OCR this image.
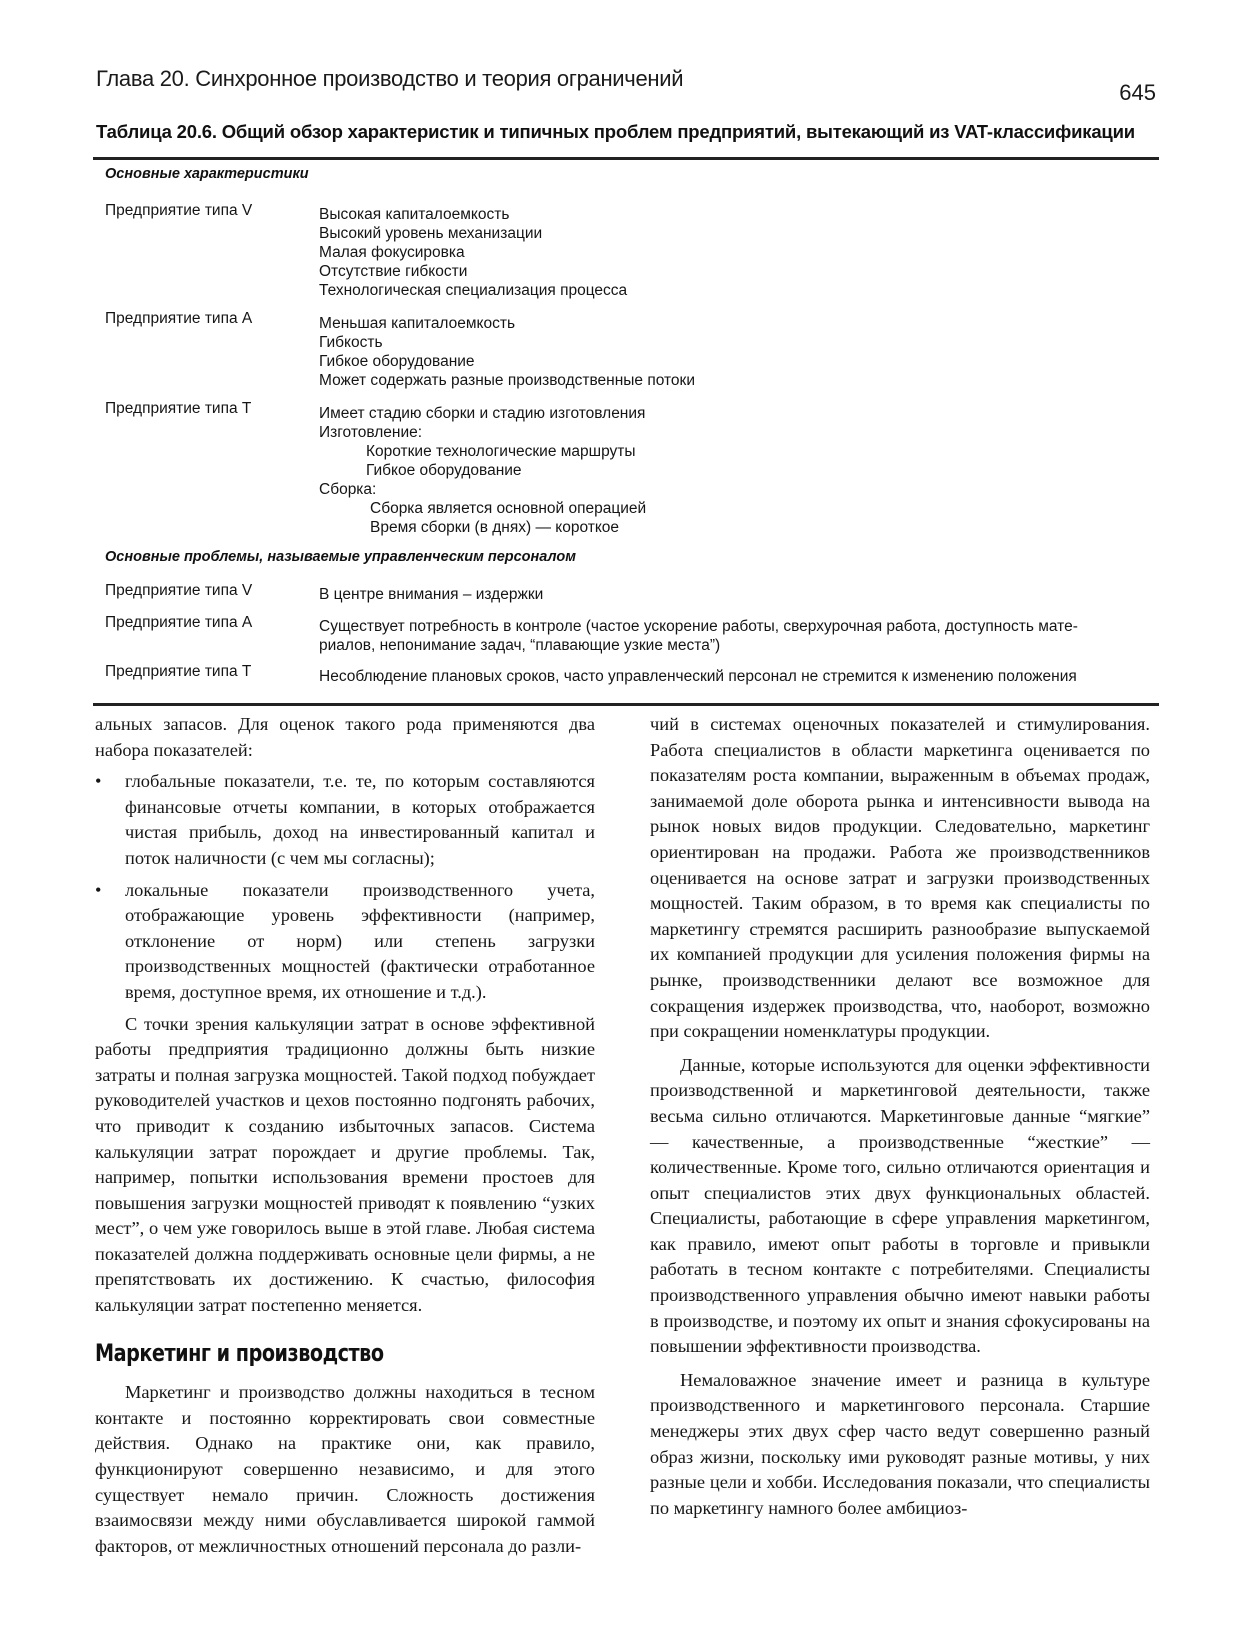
Глава 20. Синхронное производство и теория ограничений
645
Таблица 20.6. Общий обзор характеристик и типичных проблем предприятий, вытекающий из VAT-классификации
Основные характеристики
Предприятие типа V	Высокая капиталоемкость
Высокий уровень механизации
Малая фокусировка
Отсутствие гибкости
Технологическая специализация процесса
Предприятие типа А	Меньшая капиталоемкость
Гибкость
Гибкое оборудование
Может содержать разные производственные потоки
Предприятие типа Т	Имеет стадию сборки и стадию изготовления
Изготовление:
Короткие технологические маршруты
Гибкое оборудование
Сборка:
Сборка является основной операцией
Время сборки (в днях) — короткое
Основные проблемы, называемые управленческим персоналом
Предприятие типа V	В центре внимания – издержки
Предприятие типа А	Существует потребность в контроле (частое ускорение работы, сверхурочная работа, доступность мате-риалов, непонимание задач, “плавающие узкие места”)
Предприятие типа Т	Несоблюдение плановых сроков, часто управленческий персонал не стремится к изменению положения

альных запасов. Для оценок такого рода применяются два набора показателей:

• глобальные показатели, т.е. те, по которым составляются финансовые отчеты компании, в которых отображается чистая прибыль, доход на инвестированный капитал и поток наличности (с чем мы согласны);
• локальные показатели производственного учета, отображающие уровень эффективности (например, отклонение от норм) или степень загрузки производственных мощностей (фактически отработанное время, доступное время, их отношение и т.д.).

С точки зрения калькуляции затрат в основе эффективной работы предприятия традиционно должны быть низкие затраты и полная загрузка мощностей. Такой подход побуждает руководителей участков и цехов постоянно подгонять рабочих, что приводит к созданию избыточных запасов. Система калькуляции затрат порождает и другие проблемы. Так, например, попытки использования времени простоев для повышения загрузки мощностей приводят к появлению “узких мест”, о чем уже говорилось выше в этой главе. Любая система показателей должна поддерживать основные цели фирмы, а не препятствовать их достижению. К счастью, философия калькуляции затрат постепенно меняется.

Маркетинг и производство

Маркетинг и производство должны находиться в тесном контакте и постоянно корректировать свои совместные действия. Однако на практике они, как правило, функционируют совершенно независимо, и для этого существует немало причин. Сложность достижения взаимосвязи между ними обуславливается широкой гаммой факторов, от межличностных отношений персонала до разли-

чий в системах оценочных показателей и стимулирования. Работа специалистов в области маркетинга оценивается по показателям роста компании, выраженным в объемах продаж, занимаемой доле оборота рынка и интенсивности вывода на рынок новых видов продукции. Следовательно, маркетинг ориентирован на продажи. Работа же производственников оценивается на основе затрат и загрузки производственных мощностей. Таким образом, в то время как специалисты по маркетингу стремятся расширить разнообразие выпускаемой их компанией продукции для усиления положения фирмы на рынке, производственники делают все возможное для сокращения издержек производства, что, наоборот, возможно при сокращении номенклатуры продукции.

Данные, которые используются для оценки эффективности производственной и маркетинговой деятельности, также весьма сильно отличаются. Маркетинговые данные “мягкие” — качественные, а производственные “жесткие” — количественные. Кроме того, сильно отличаются ориентация и опыт специалистов этих двух функциональных областей. Специалисты, работающие в сфере управления маркетингом, как правило, имеют опыт работы в торговле и привыкли работать в тесном контакте с потребителями. Специалисты производственного управления обычно имеют навыки работы в производстве, и поэтому их опыт и знания сфокусированы на повышении эффективности производства.

Немаловажное значение имеет и разница в культуре производственного и маркетингового персонала. Старшие менеджеры этих двух сфер часто ведут совершенно разный образ жизни, поскольку ими руководят разные мотивы, у них разные цели и хобби. Исследования показали, что специалисты по маркетингу намного более амбициоз-
